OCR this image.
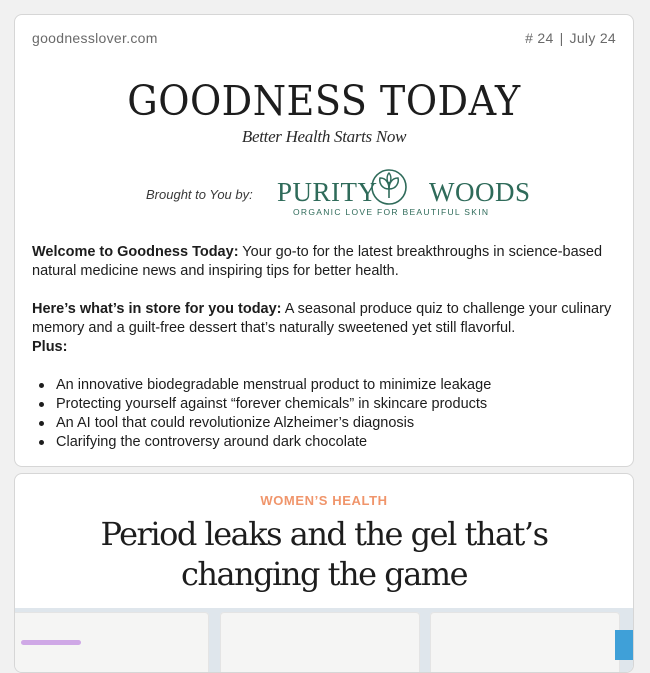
goodnesslover.com	# 24 | July 24
GOODNESS TODAY
Better Health Starts Now
Brought to You by: PURITY WOODS
ORGANIC LOVE FOR BEAUTIFUL SKIN

Welcome to Goodness Today: Your go-to for the latest breakthroughs in science-based natural medicine news and inspiring tips for better health.

Here’s what’s in store for you today: A seasonal produce quiz to challenge your culinary memory and a guilt-free dessert that’s naturally sweetened yet still flavorful.

Plus:

An innovative biodegradable menstrual product to minimize leakage
Protecting yourself against “forever chemicals” in skincare products
An AI tool that could revolutionize Alzheimer’s diagnosis
Clarifying the controversy around dark chocolate
WOMEN’S HEALTH
Period leaks and the gel that’s
changing the game
